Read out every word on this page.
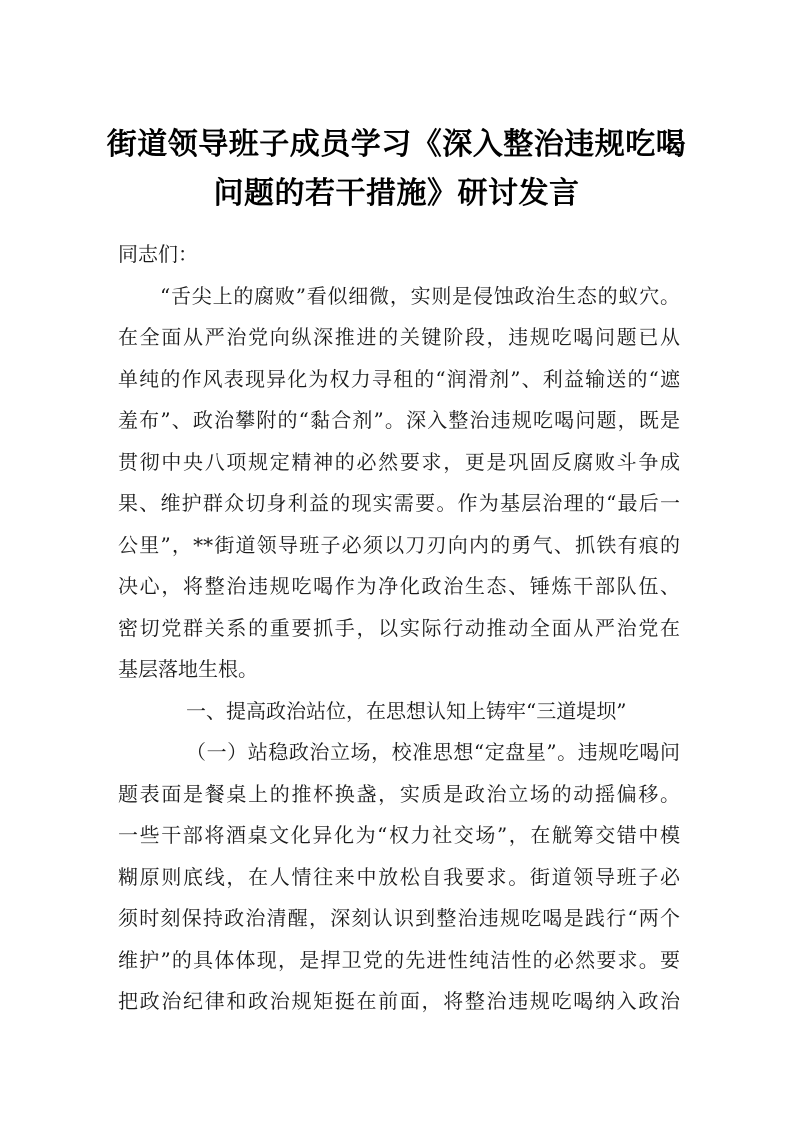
街道领导班子成员学习《深入整治违规吃喝
问题的若干措施》研讨发言
同志们：
“舌尖上的腐败”看似细微，实则是侵蚀政治生态的蚁穴。
在全面从严治党向纵深推进的关键阶段，违规吃喝问题已从
单纯的作风表现异化为权力寻租的“润滑剂”、利益输送的“遮
羞布”、政治攀附的“黏合剂”。深入整治违规吃喝问题，既是
贯彻中央八项规定精神的必然要求，更是巩固反腐败斗争成
果、维护群众切身利益的现实需要。作为基层治理的“最后一
公里”，**街道领导班子必须以刀刃向内的勇气、抓铁有痕的
决心，将整治违规吃喝作为净化政治生态、锤炼干部队伍、
密切党群关系的重要抓手，以实际行动推动全面从严治党在
基层落地生根。
一、提高政治站位，在思想认知上铸牢“三道堤坝”
（一）站稳政治立场，校准思想“定盘星”。违规吃喝问
题表面是餐桌上的推杯换盏，实质是政治立场的动摇偏移。
一些干部将酒桌文化异化为“权力社交场”，在觥筹交错中模
糊原则底线，在人情往来中放松自我要求。街道领导班子必
须时刻保持政治清醒，深刻认识到整治违规吃喝是践行“两个
维护”的具体体现，是捍卫党的先进性纯洁性的必然要求。要
把政治纪律和政治规矩挺在前面，将整治违规吃喝纳入政治
